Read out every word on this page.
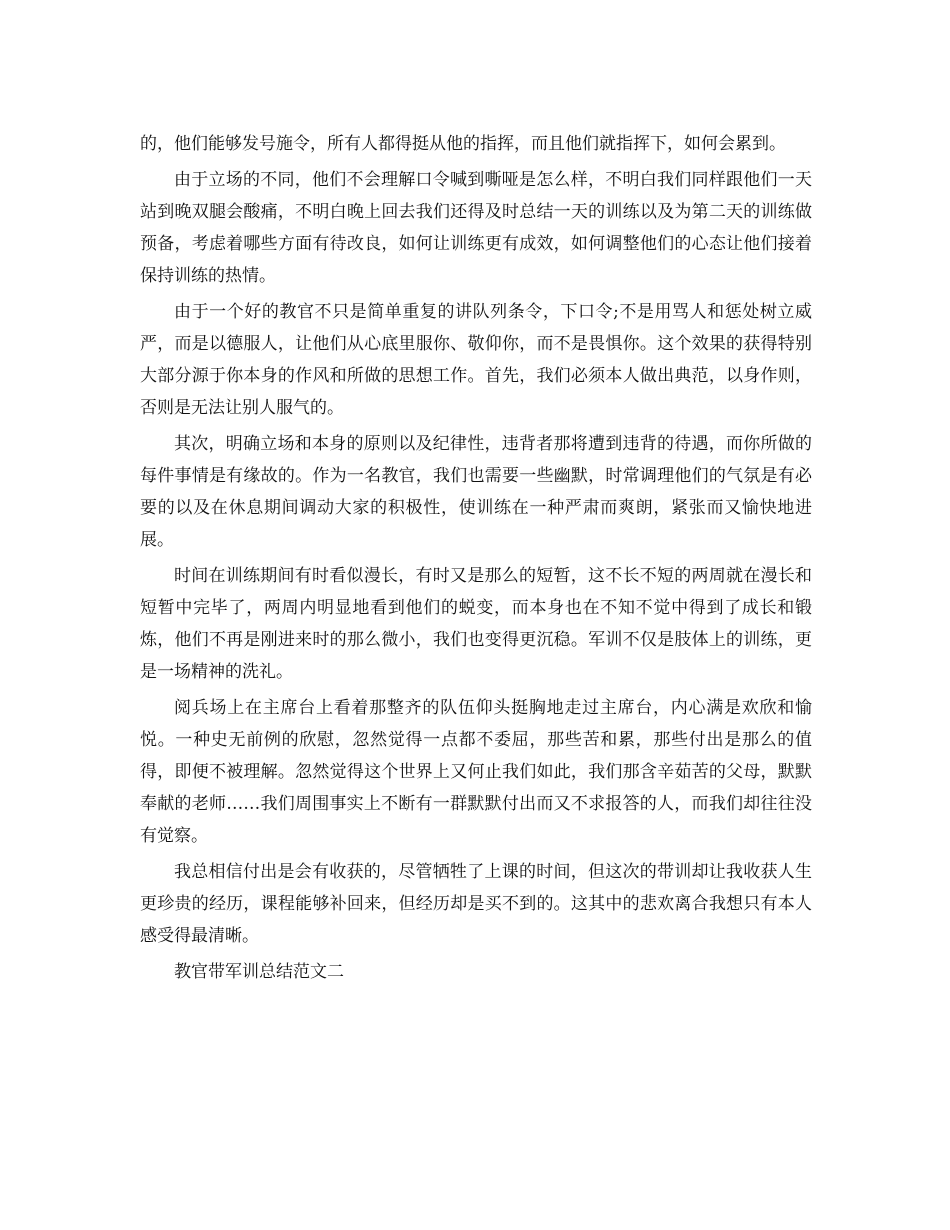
的，他们能够发号施令，所有人都得挺从他的指挥，而且他们就指挥下，如何会累到。

由于立场的不同，他们不会理解口令喊到嘶哑是怎么样，不明白我们同样跟他们一天站到晚双腿会酸痛，不明白晚上回去我们还得及时总结一天的训练以及为第二天的训练做预备，考虑着哪些方面有待改良，如何让训练更有成效，如何调整他们的心态让他们接着保持训练的热情。

由于一个好的教官不只是简单重复的讲队列条令，下口令;不是用骂人和惩处树立威严，而是以德服人，让他们从心底里服你、敬仰你，而不是畏惧你。这个效果的获得特别大部分源于你本身的作风和所做的思想工作。首先，我们必须本人做出典范，以身作则，否则是无法让别人服气的。

其次，明确立场和本身的原则以及纪律性，违背者那将遭到违背的待遇，而你所做的每件事情是有缘故的。作为一名教官，我们也需要一些幽默，时常调理他们的气氛是有必要的以及在休息期间调动大家的积极性，使训练在一种严肃而爽朗，紧张而又愉快地进展。

时间在训练期间有时看似漫长，有时又是那么的短暂，这不长不短的两周就在漫长和短暂中完毕了，两周内明显地看到他们的蜕变，而本身也在不知不觉中得到了成长和锻炼，他们不再是刚进来时的那么微小，我们也变得更沉稳。军训不仅是肢体上的训练，更是一场精神的洗礼。

阅兵场上在主席台上看着那整齐的队伍仰头挺胸地走过主席台，内心满是欢欣和愉悦。一种史无前例的欣慰，忽然觉得一点都不委屈，那些苦和累，那些付出是那么的值得，即便不被理解。忽然觉得这个世界上又何止我们如此，我们那含辛茹苦的父母，默默奉献的老师……我们周围事实上不断有一群默默付出而又不求报答的人，而我们却往往没有觉察。

我总相信付出是会有收获的，尽管牺牲了上课的时间，但这次的带训却让我收获人生更珍贵的经历，课程能够补回来，但经历却是买不到的。这其中的悲欢离合我想只有本人感受得最清晰。

教官带军训总结范文二
